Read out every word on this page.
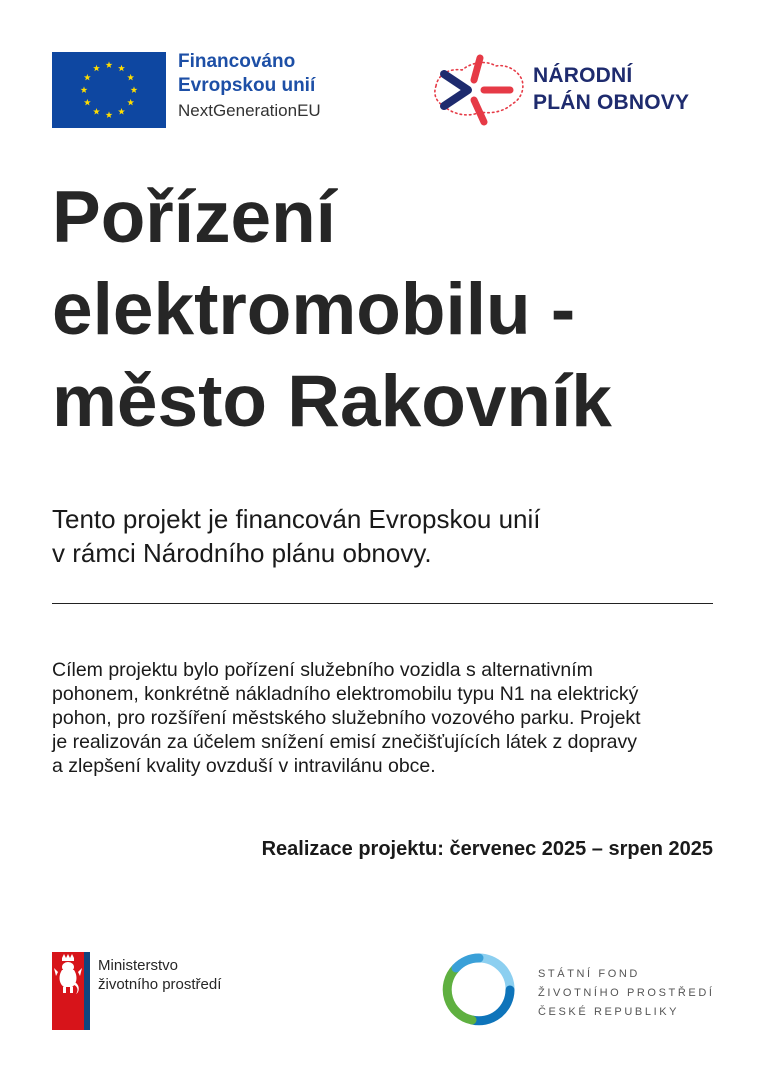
Financováno
Evropskou unií
NextGenerationEU
NÁRODNÍ
PLÁN OBNOVY
Pořízení
elektromobilu -
město Rakovník
Tento projekt je financován Evropskou unií
v rámci Národního plánu obnovy.
Cílem projektu bylo pořízení služebního vozidla s alternativním
pohonem, konkrétně nákladního elektromobilu typu N1 na elektrický
pohon, pro rozšíření městského služebního vozového parku. Projekt
je realizován za účelem snížení emisí znečišťujících látek z dopravy
a zlepšení kvality ovzduší v intravilánu obce.
Realizace projektu: červenec 2025 – srpen 2025
Ministerstvo
životního prostředí
STÁTNÍ FOND
ŽIVOTNÍHO PROSTŘEDÍ
ČESKÉ REPUBLIKY
